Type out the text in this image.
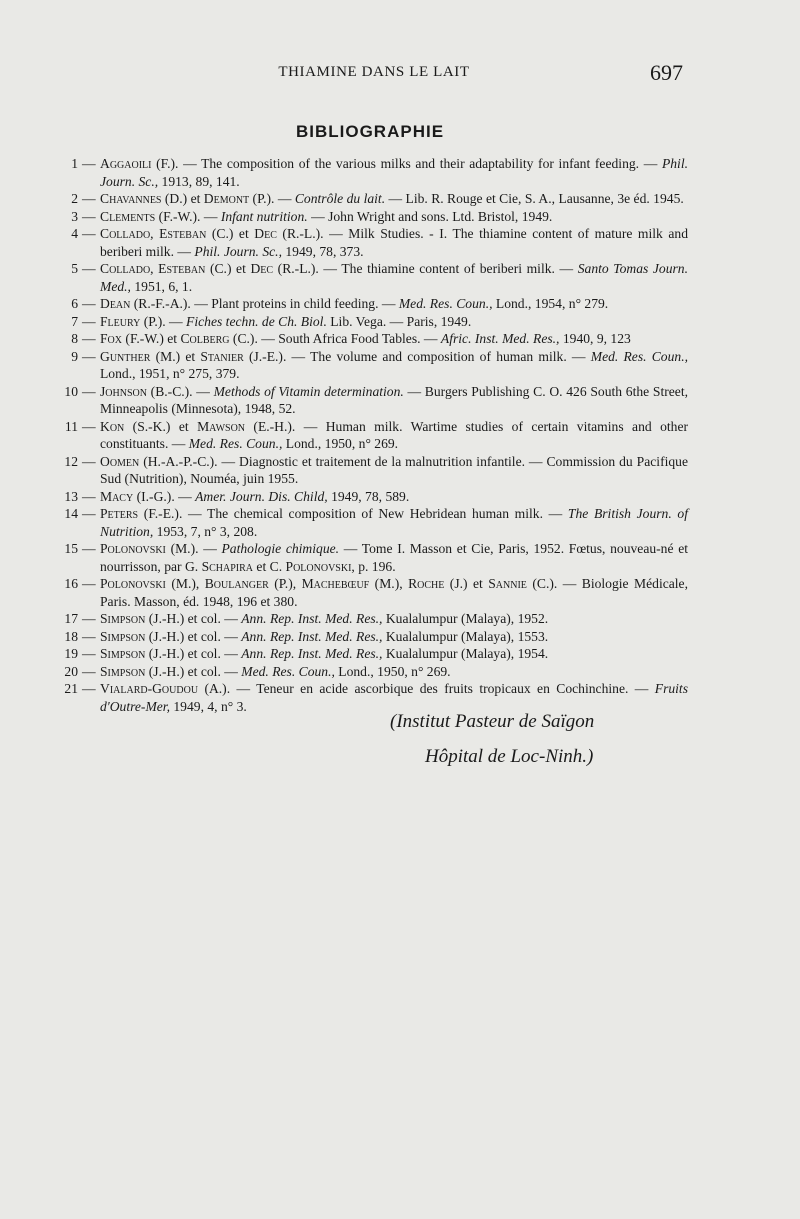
THIAMINE DANS LE LAIT	697
BIBLIOGRAPHIE
1 — Aggaoili (F.). — The composition of the various milks and their adaptability for infant feeding. — Phil. Journ. Sc., 1913, 89, 141.
2 — Chavannes (D.) et Demont (P.). — Contrôle du lait. — Lib. R. Rouge et Cie, S. A., Lausanne, 3e éd. 1945.
3 — Clements (F.-W.). — Infant nutrition. — John Wright and sons. Ltd. Bristol, 1949.
4 — Collado, Esteban (C.) et Dec (R.-L.). — Milk Studies. - I. The thiamine content of mature milk and beriberi milk. — Phil. Journ. Sc., 1949, 78, 373.
5 — Collado, Esteban (C.) et Dec (R.-L.). — The thiamine content of beriberi milk. — Santo Tomas Journ. Med., 1951, 6, 1.
6 — Dean (R.-F.-A.). — Plant proteins in child feeding. — Med. Res. Coun., Lond., 1954, n° 279.
7 — Fleury (P.). — Fiches techn. de Ch. Biol. Lib. Vega. — Paris, 1949.
8 — Fox (F.-W.) et Colberg (C.). — South Africa Food Tables. — Afric. Inst. Med. Res., 1940, 9, 123
9 — Gunther (M.) et Stanier (J.-E.). — The volume and composition of human milk. — Med. Res. Coun., Lond., 1951, n° 275, 379.
10 — Johnson (B.-C.). — Methods of Vitamin determination. — Burgers Publishing C. O. 426 South 6the Street, Minneapolis (Minnesota), 1948, 52.
11 — Kon (S.-K.) et Mawson (E.-H.). — Human milk. Wartime studies of certain vitamins and other constituants. — Med. Res. Coun., Lond., 1950, n° 269.
12 — Oomen (H.-A.-P.-C.). — Diagnostic et traitement de la malnutrition infantile. — Commission du Pacifique Sud (Nutrition), Nouméa, juin 1955.
13 — Macy (I.-G.). — Amer. Journ. Dis. Child, 1949, 78, 589.
14 — Peters (F.-E.). — The chemical composition of New Hebridean human milk. — The British Journ. of Nutrition, 1953, 7, n° 3, 208.
15 — Polonovski (M.). — Pathologie chimique. — Tome I. Masson et Cie, Paris, 1952. Fœtus, nouveau-né et nourrisson, par G. Schapira et C. Polonovski, p. 196.
16 — Polonovski (M.), Boulanger (P.), Machebœuf (M.), Roche (J.) et Sannie (C.). — Biologie Médicale, Paris. Masson, éd. 1948, 196 et 380.
17 — Simpson (J.-H.) et col. — Ann. Rep. Inst. Med. Res., Kualalumpur (Malaya), 1952.
18 — Simpson (J.-H.) et col. — Ann. Rep. Inst. Med. Res., Kualalumpur (Malaya), 1553.
19 — Simpson (J.-H.) et col. — Ann. Rep. Inst. Med. Res., Kualalumpur (Malaya), 1954.
20 — Simpson (J.-H.) et col. — Med. Res. Coun., Lond., 1950, n° 269.
21 — Vialard-Goudou (A.). — Teneur en acide ascorbique des fruits tropicaux en Cochinchine. — Fruits d'Outre-Mer, 1949, 4, n° 3.
(Institut Pasteur de Saïgon
Hôpital de Loc-Ninh.)
